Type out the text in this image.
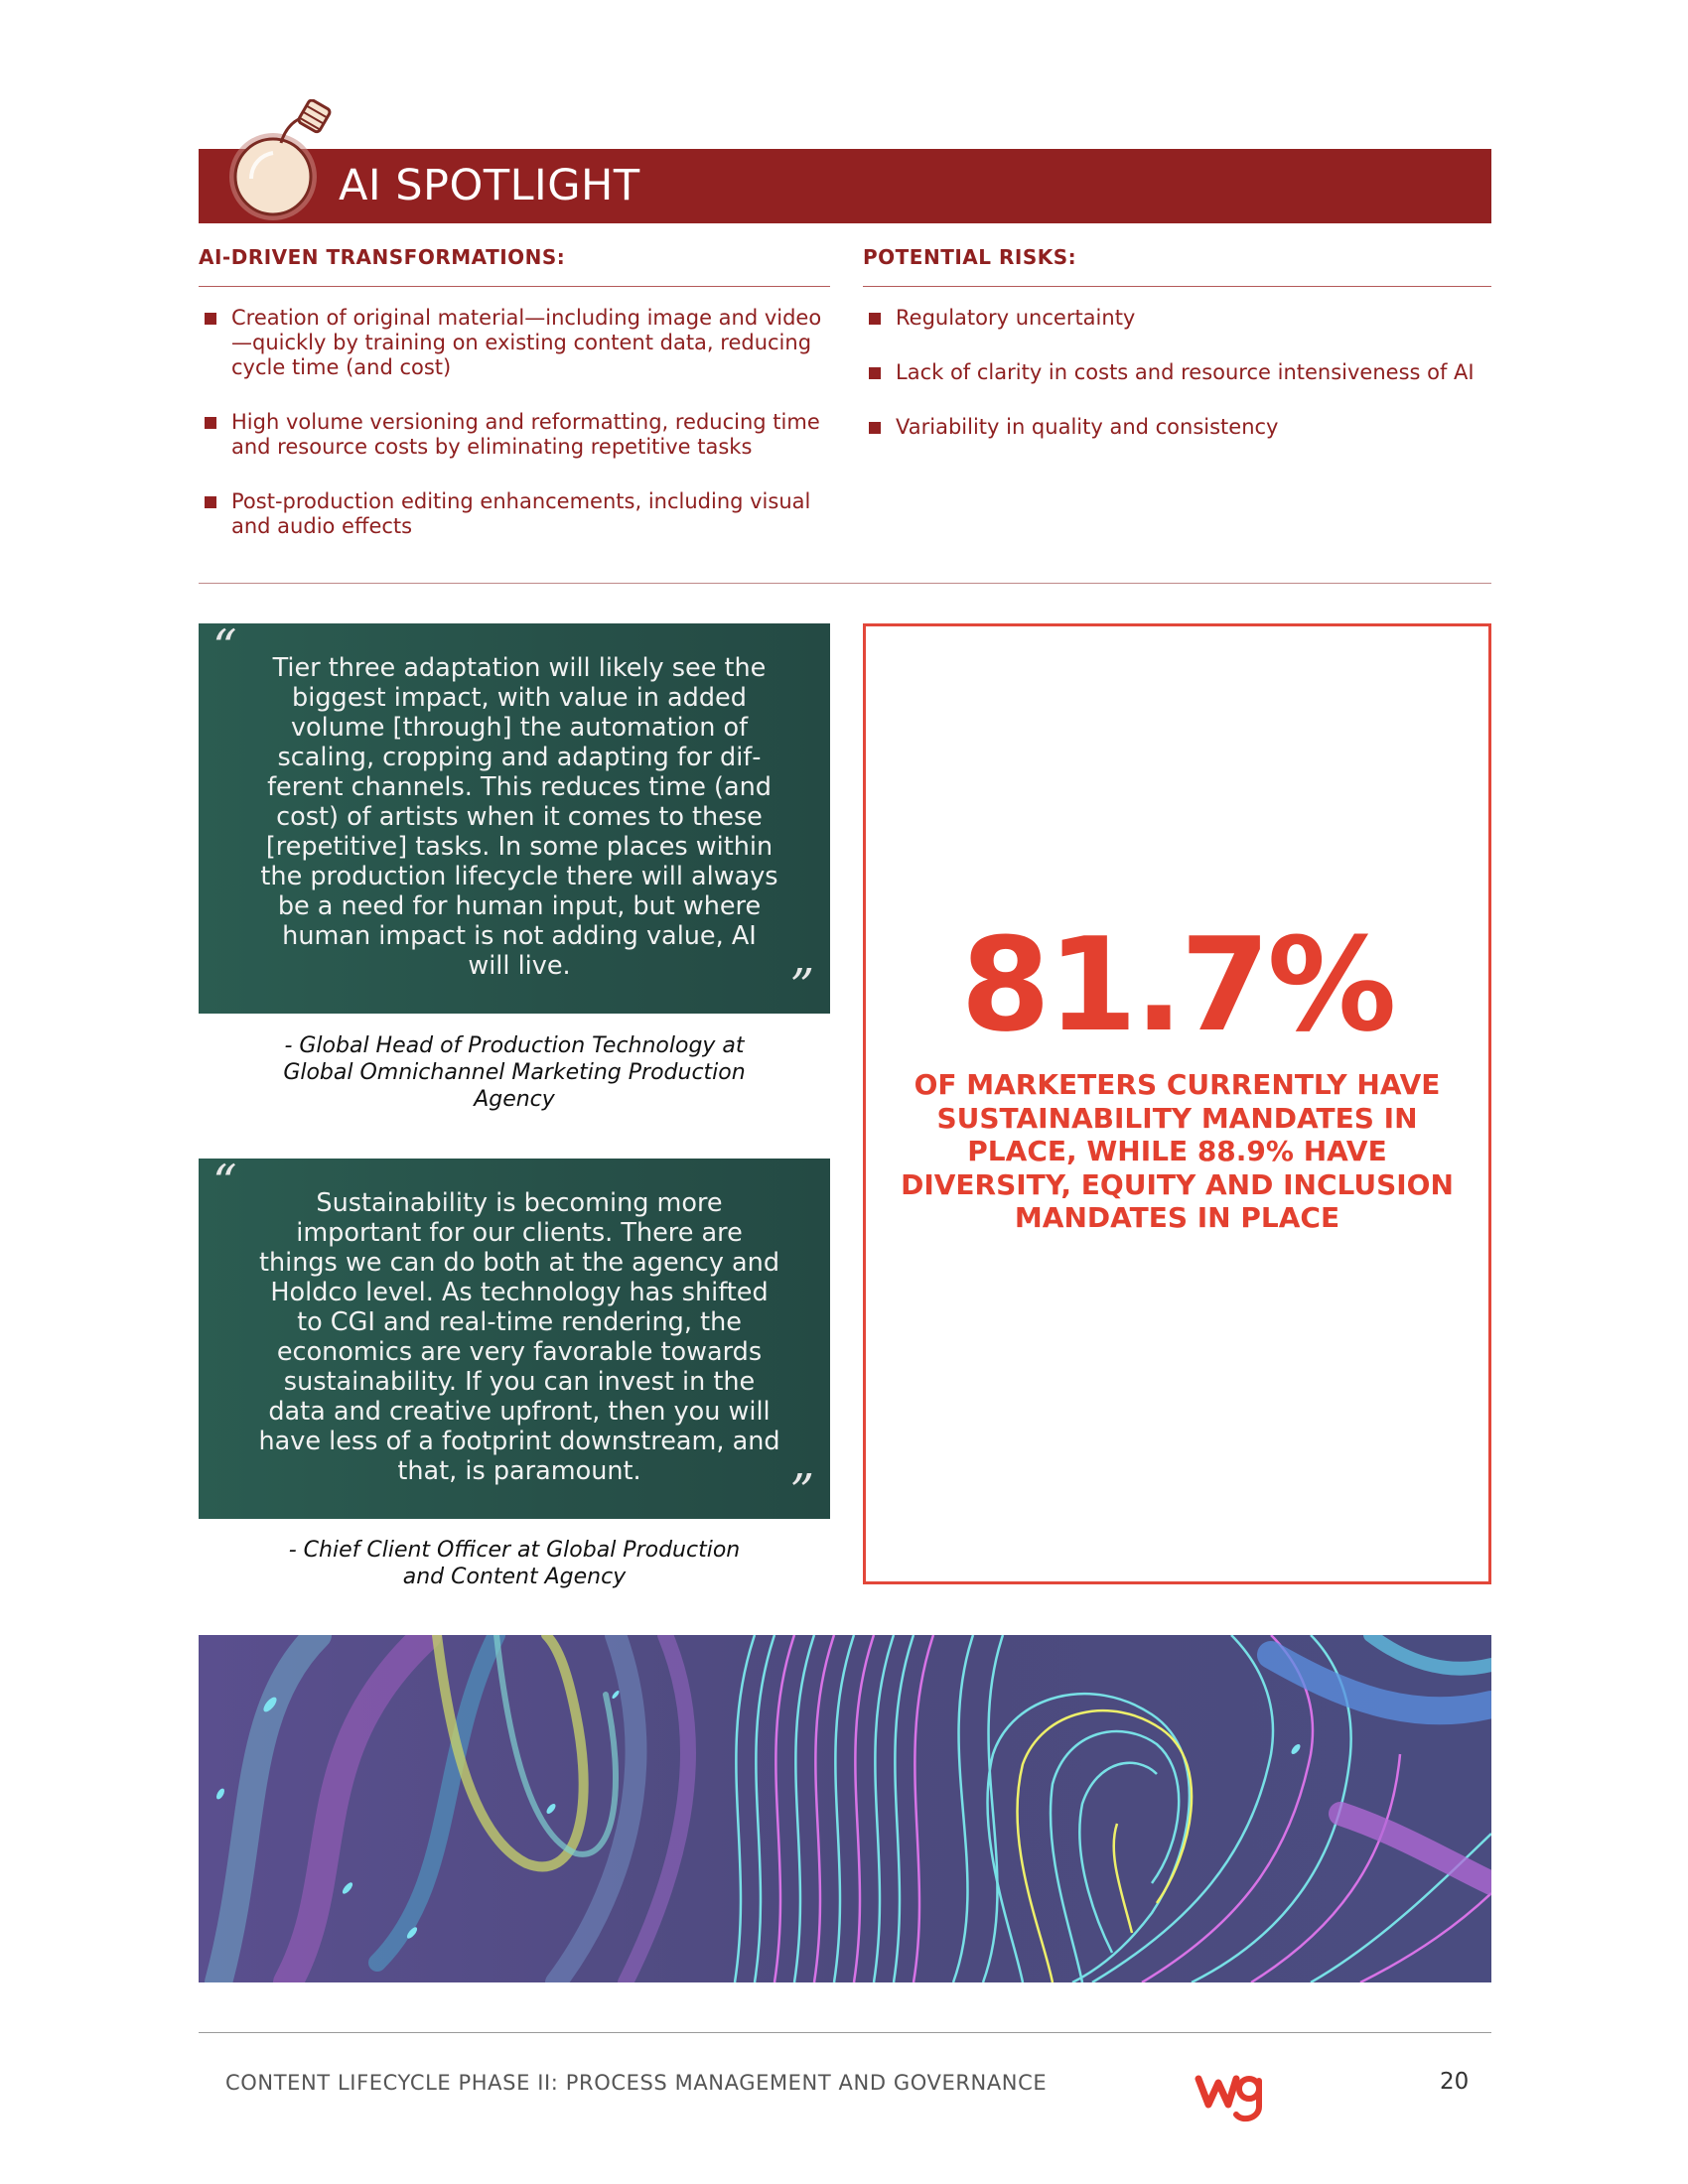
AI SPOTLIGHT
AI-DRIVEN TRANSFORMATIONS:
Creation of original material—including image and video—quickly by training on existing content data, reducing cycle time (and cost)
High volume versioning and reformatting, reducing time and resource costs by eliminating repetitive tasks
Post-production editing enhancements, including visual and audio effects
POTENTIAL RISKS:
Regulatory uncertainty
Lack of clarity in costs and resource intensiveness of AI
Variability in quality and consistency
“	Tier three adaptation will likely see the biggest impact, with value in added volume [through] the automation of scaling, cropping and adapting for different channels. This reduces time (and cost) of artists when it comes to these [repetitive] tasks. In some places within the production lifecycle there will always be a need for human input, but where human impact is not adding value, AI will live.	”

- Global Head of Production Technology at Global Omnichannel Marketing Production Agency

“	Sustainability is becoming more important for our clients. There are things we can do both at the agency and Holdco level. As technology has shifted to CGI and real-time rendering, the economics are very favorable towards sustainability. If you can invest in the data and creative upfront, then you will have less of a footprint downstream, and that, is paramount.	”

- Chief Client Officer at Global Production and Content Agency

81.7%
OF MARKETERS CURRENTLY HAVE SUSTAINABILITY MANDATES IN PLACE, WHILE 88.9% HAVE DIVERSITY, EQUITY AND INCLUSION MANDATES IN PLACE
CONTENT LIFECYCLE PHASE II: PROCESS MANAGEMENT AND GOVERNANCE	20
